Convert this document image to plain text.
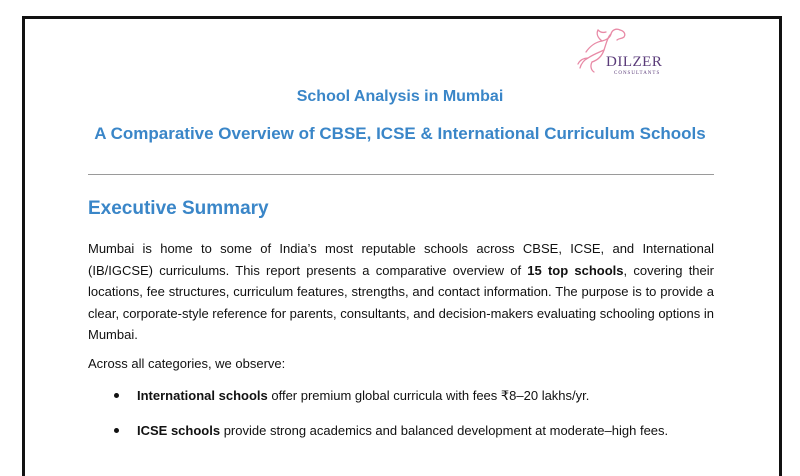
DILZER
CONSULTANTS
School Analysis in Mumbai
A Comparative Overview of CBSE, ICSE & International Curriculum Schools
Executive Summary
Mumbai is home to some of India’s most reputable schools across CBSE, ICSE, and International (IB/IGCSE) curriculums. This report presents a comparative overview of 15 top schools, covering their locations, fee structures, curriculum features, strengths, and contact information. The purpose is to provide a clear, corporate-style reference for parents, consultants, and decision-makers evaluating schooling options in Mumbai.
Across all categories, we observe:
International schools offer premium global curricula with fees ₹8–20 lakhs/yr.
ICSE schools provide strong academics and balanced development at moderate–high fees.
